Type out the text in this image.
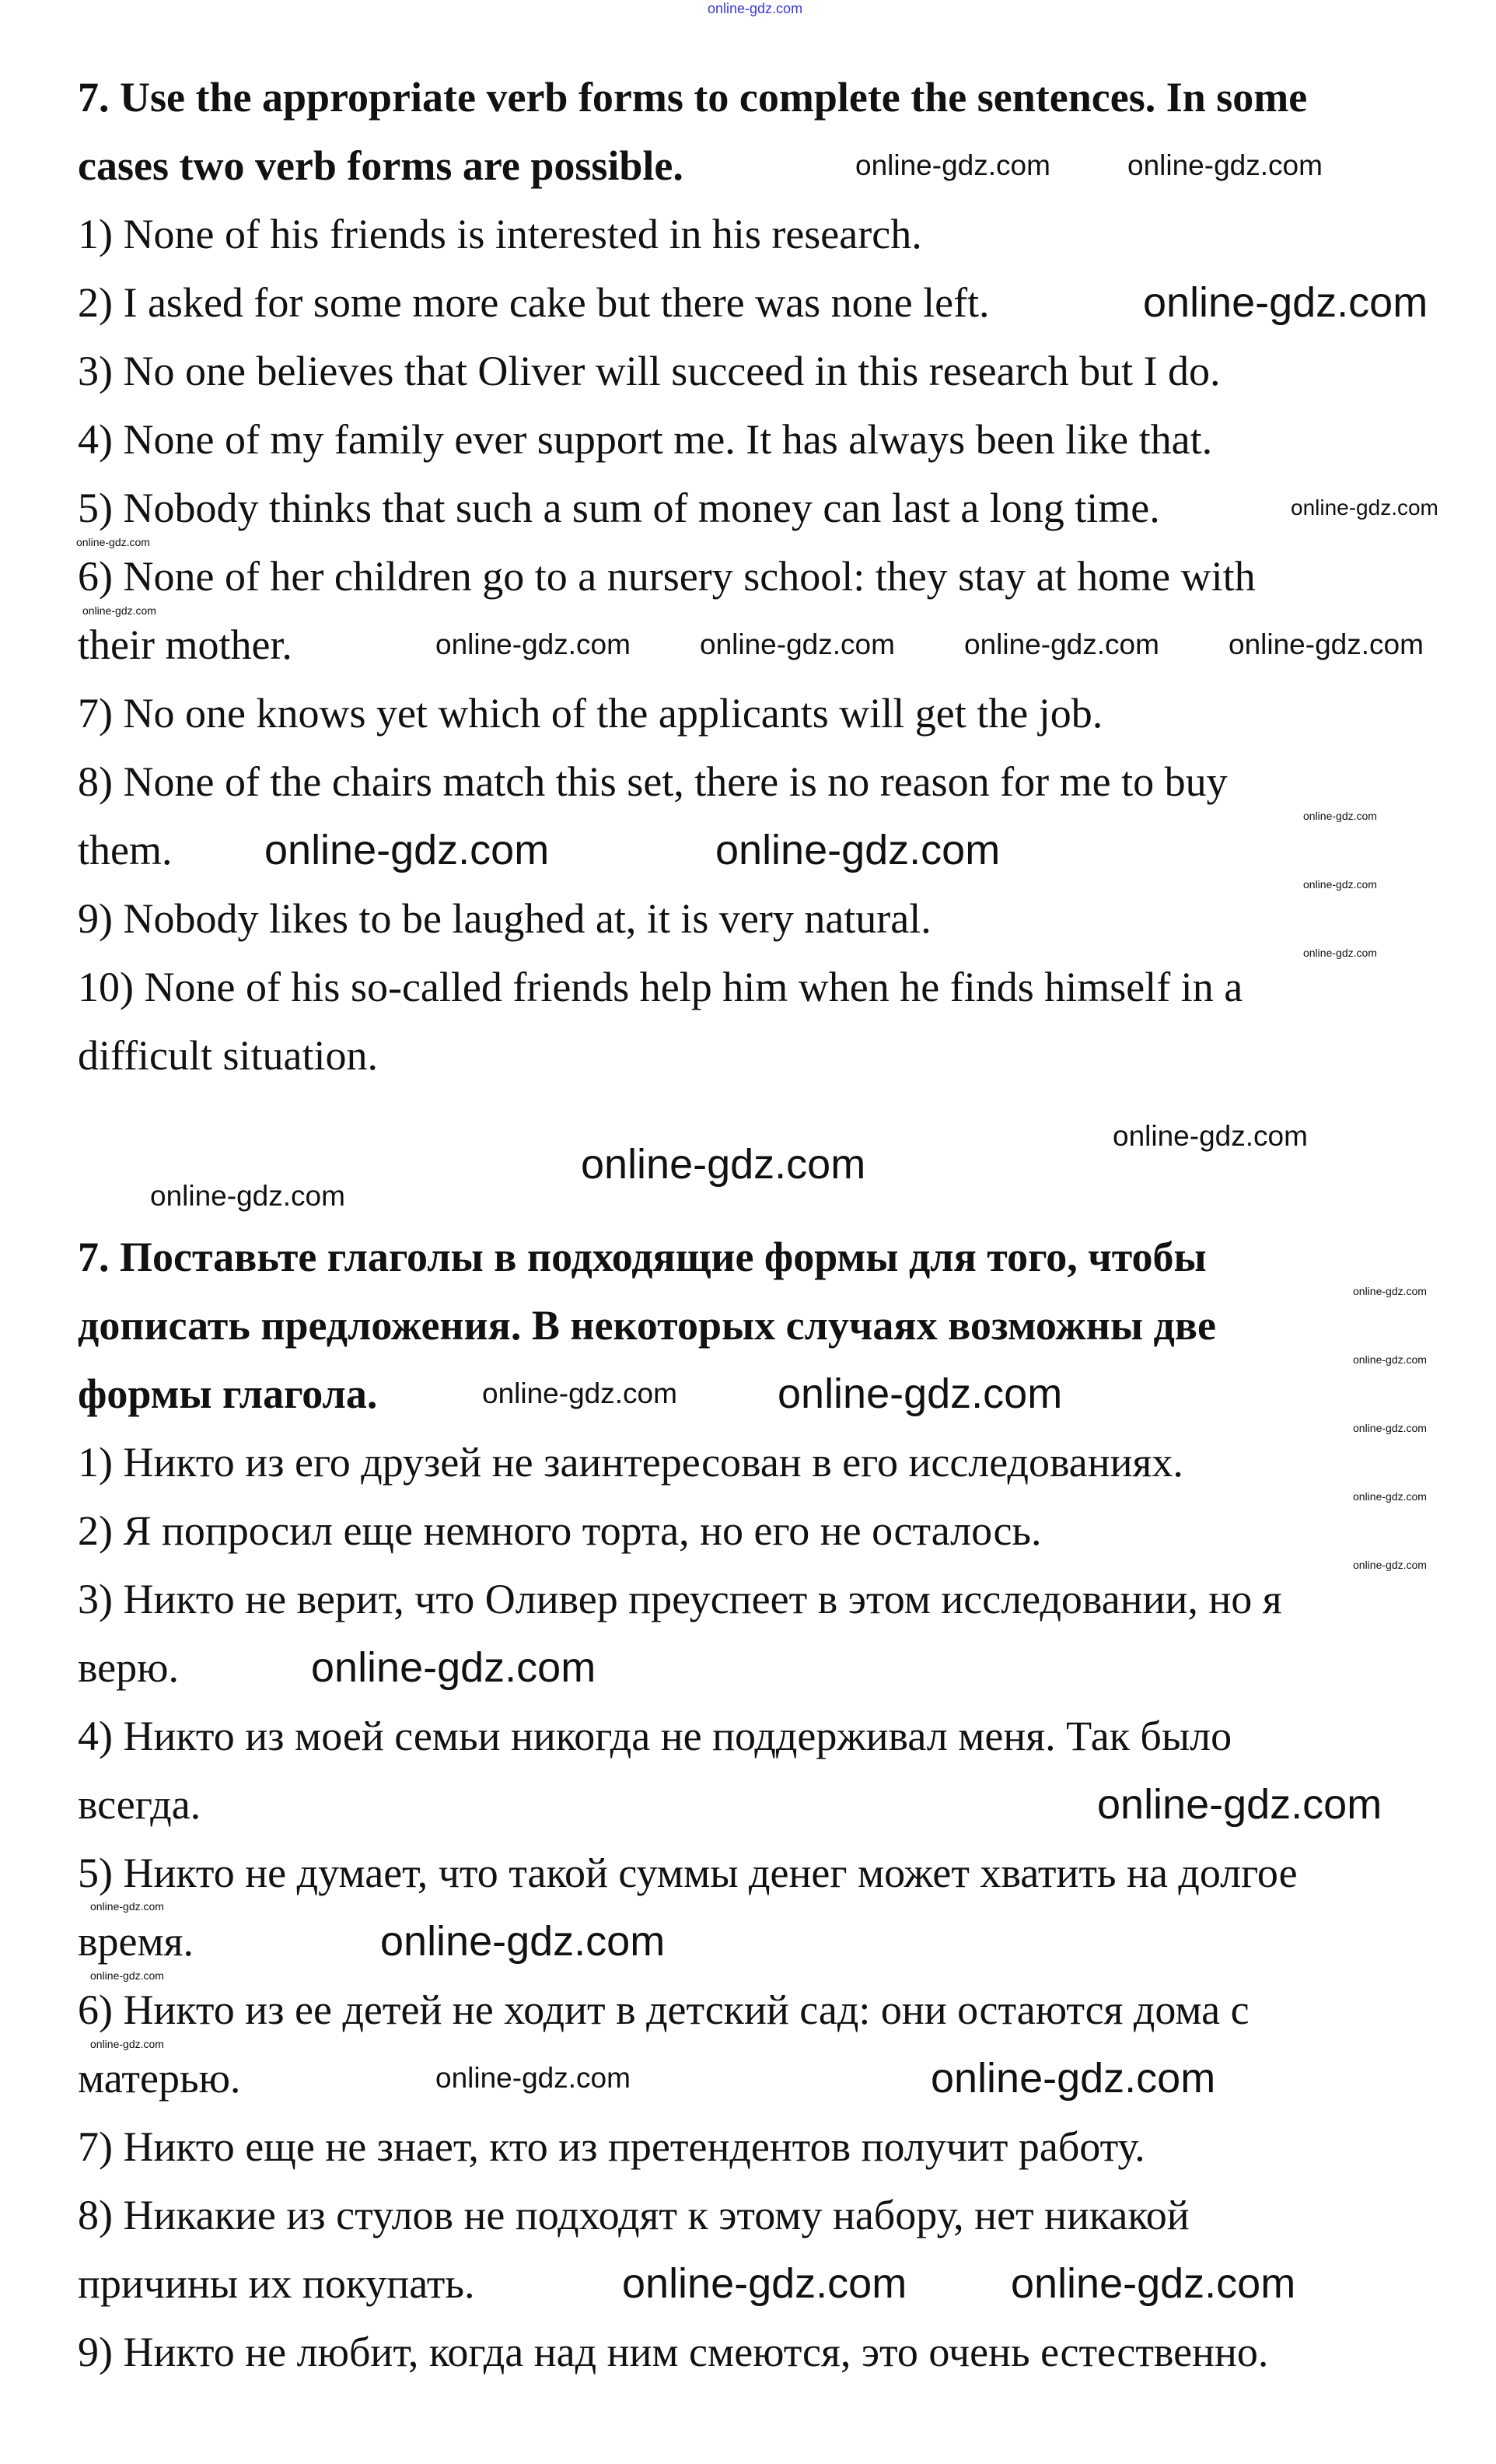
7. Use the appropriate verb forms to complete the sentences. In some
cases two verb forms are possible.
1) None of his friends is interested in his research.
2) I asked for some more cake but there was none left.
3) No one believes that Oliver will succeed in this research but I do.
4) None of my family ever support me. It has always been like that.
5) Nobody thinks that such a sum of money can last a long time.
6) None of her children go to a nursery school: they stay at home with
their mother.
7) No one knows yet which of the applicants will get the job.
8) None of the chairs match this set, there is no reason for me to buy
them.
9) Nobody likes to be laughed at, it is very natural.
10) None of his so-called friends help him when he finds himself in a
difficult situation.
7. Поставьте глаголы в подходящие формы для того, чтобы
дописать предложения. В некоторых случаях возможны две
формы глагола.
1) Никто из его друзей не заинтересован в его исследованиях.
2) Я попросил еще немного торта, но его не осталось.
3) Никто не верит, что Оливер преуспеет в этом исследовании, но я
верю.
4) Никто из моей семьи никогда не поддерживал меня. Так было
всегда.
5) Никто не думает, что такой суммы денег может хватить на долгое
время.
6) Никто из ее детей не ходит в детский сад: они остаются дома с
матерью.
7) Никто еще не знает, кто из претендентов получит работу.
8) Никакие из стулов не подходят к этому набору, нет никакой
причины их покупать.
9) Никто не любит, когда над ним смеются, это очень естественно.
online-gdz.com
online-gdz.com	online-gdz.com
online-gdz.com
online-gdz.com
online-gdz.com
online-gdz.com
online-gdz.com
online-gdz.com online-gdz.com online-gdz.com
online-gdz.com
online-gdz.com	online-gdz.com
online-gdz.com
online-gdz.com
online-gdz.com
online-gdz.com
online-gdz.com
online-gdz.com
online-gdz.com
online-gdz.com
online-gdz.com
online-gdz.com
online-gdz.com online-gdz.com
online-gdz.com
online-gdz.com
online-gdz.com
online-gdz.com
online-gdz.com
online-gdz.com
online-gdz.com
online-gdz.com
online-gdz.com online-gdz.com
